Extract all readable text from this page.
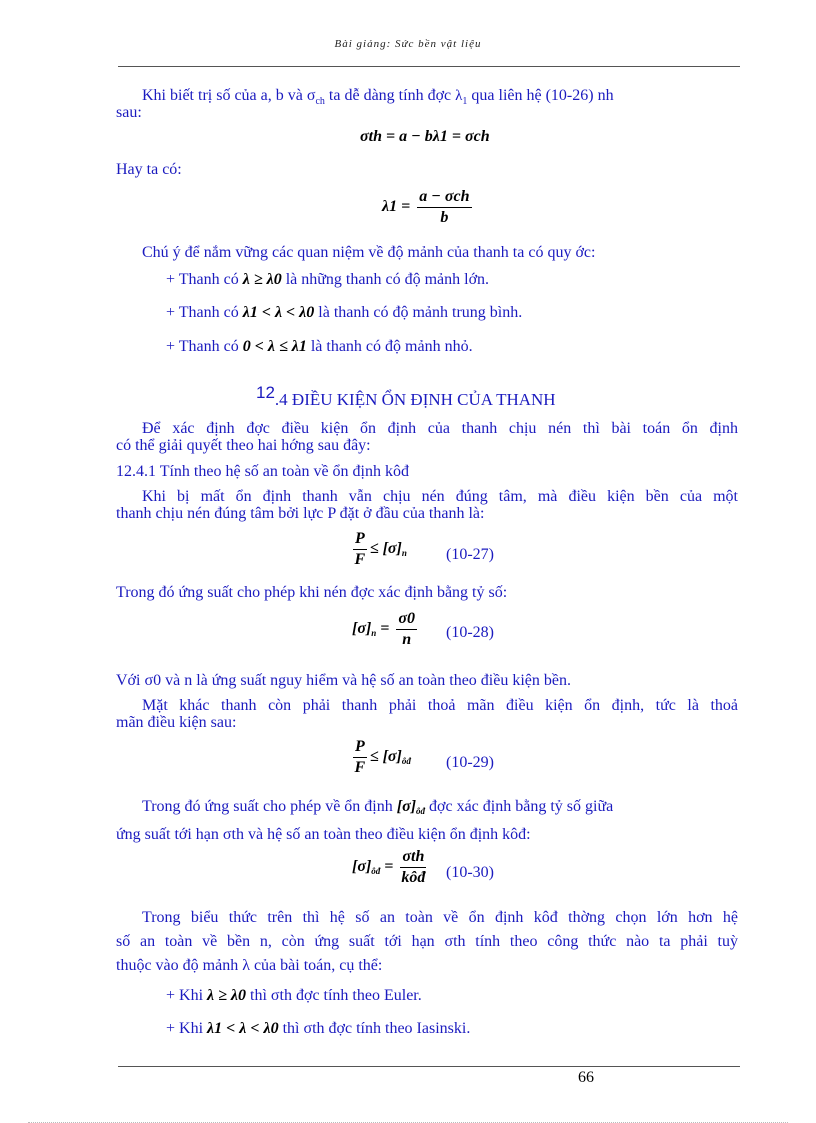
Bài giảng: Sức bền vật liệu
Khi biết trị số của a, b và $\sigma_{ch}$ ta dễ dàng tính đợc $\lambda_1$ qua liên hệ (10-26) nh
sau:
σth = a − bλ1 = σch
Hay ta có:
$\lambda 1 = \frac{\text{a − σch}}{b}$
Chú ý để nắm vững các quan niệm về độ mảnh của thanh ta có quy ớc:
+ Thanh có λ ≥ λ0 là những thanh có độ mảnh lớn.
+ Thanh có λ1 < λ < λ0 là thanh có độ mảnh trung bình.
+ Thanh có 0 < λ ≤ λ1 là thanh có độ mảnh nhỏ.
12.4 ĐIỀU KIỆN ỔN ĐỊNH CỦA THANH
Để xác định đợc điều kiện ổn định của thanh chịu nén thì bài toán ổn định
có thể giải quyết theo hai hớng sau đây:
12.4.1 Tính theo hệ số an toàn về ổn định kôđ
Khi bị mất ổn định thanh vẫn chịu nén đúng tâm, mà điều kiện bền của một
thanh chịu nén đúng tâm bởi lực P đặt ở đầu của thanh là:
$\frac{P}{F} \le [\sigma]_n$ (10-27)
Trong đó ứng suất cho phép khi nén đợc xác định bằng tỷ số:
$[\sigma]_n = \frac{\sigma 0}{n} (10-28)$
Với σ0 và n là ứng suất nguy hiểm và hệ số an toàn theo điều kiện bền.
Mặt khác thanh còn phải thanh phải thoả mãn điều kiện ổn định, tức là thoả
mãn điều kiện sau:
$\frac{P}{F} \le [\sigma]_{ôđ}$ (10-29)
Trong đó ứng suất cho phép về ổn định $[\sigma]_{ôđ}$ đợc xác định bằng tỷ số giữa
ứng suất tới hạn σth và hệ số an toàn theo điều kiện ổn định kôđ:
$[\sigma]_{ôđ} = \frac{\text{σth}}{\text{kôđ}} (10-30)$
Trong biểu thức trên thì hệ số an toàn về ổn định kôđ thờng chọn lớn hơn hệ
số an toàn về bền n, còn ứng suất tới hạn σth tính theo công thức nào ta phải tuỳ
thuộc vào độ mảnh λ của bài toán, cụ thể:
+ Khi λ ≥ λ0 thì σth đợc tính theo Euler.
+ Khi λ1 < λ < λ0 thì σth đợc tính theo Iasinski.
66
